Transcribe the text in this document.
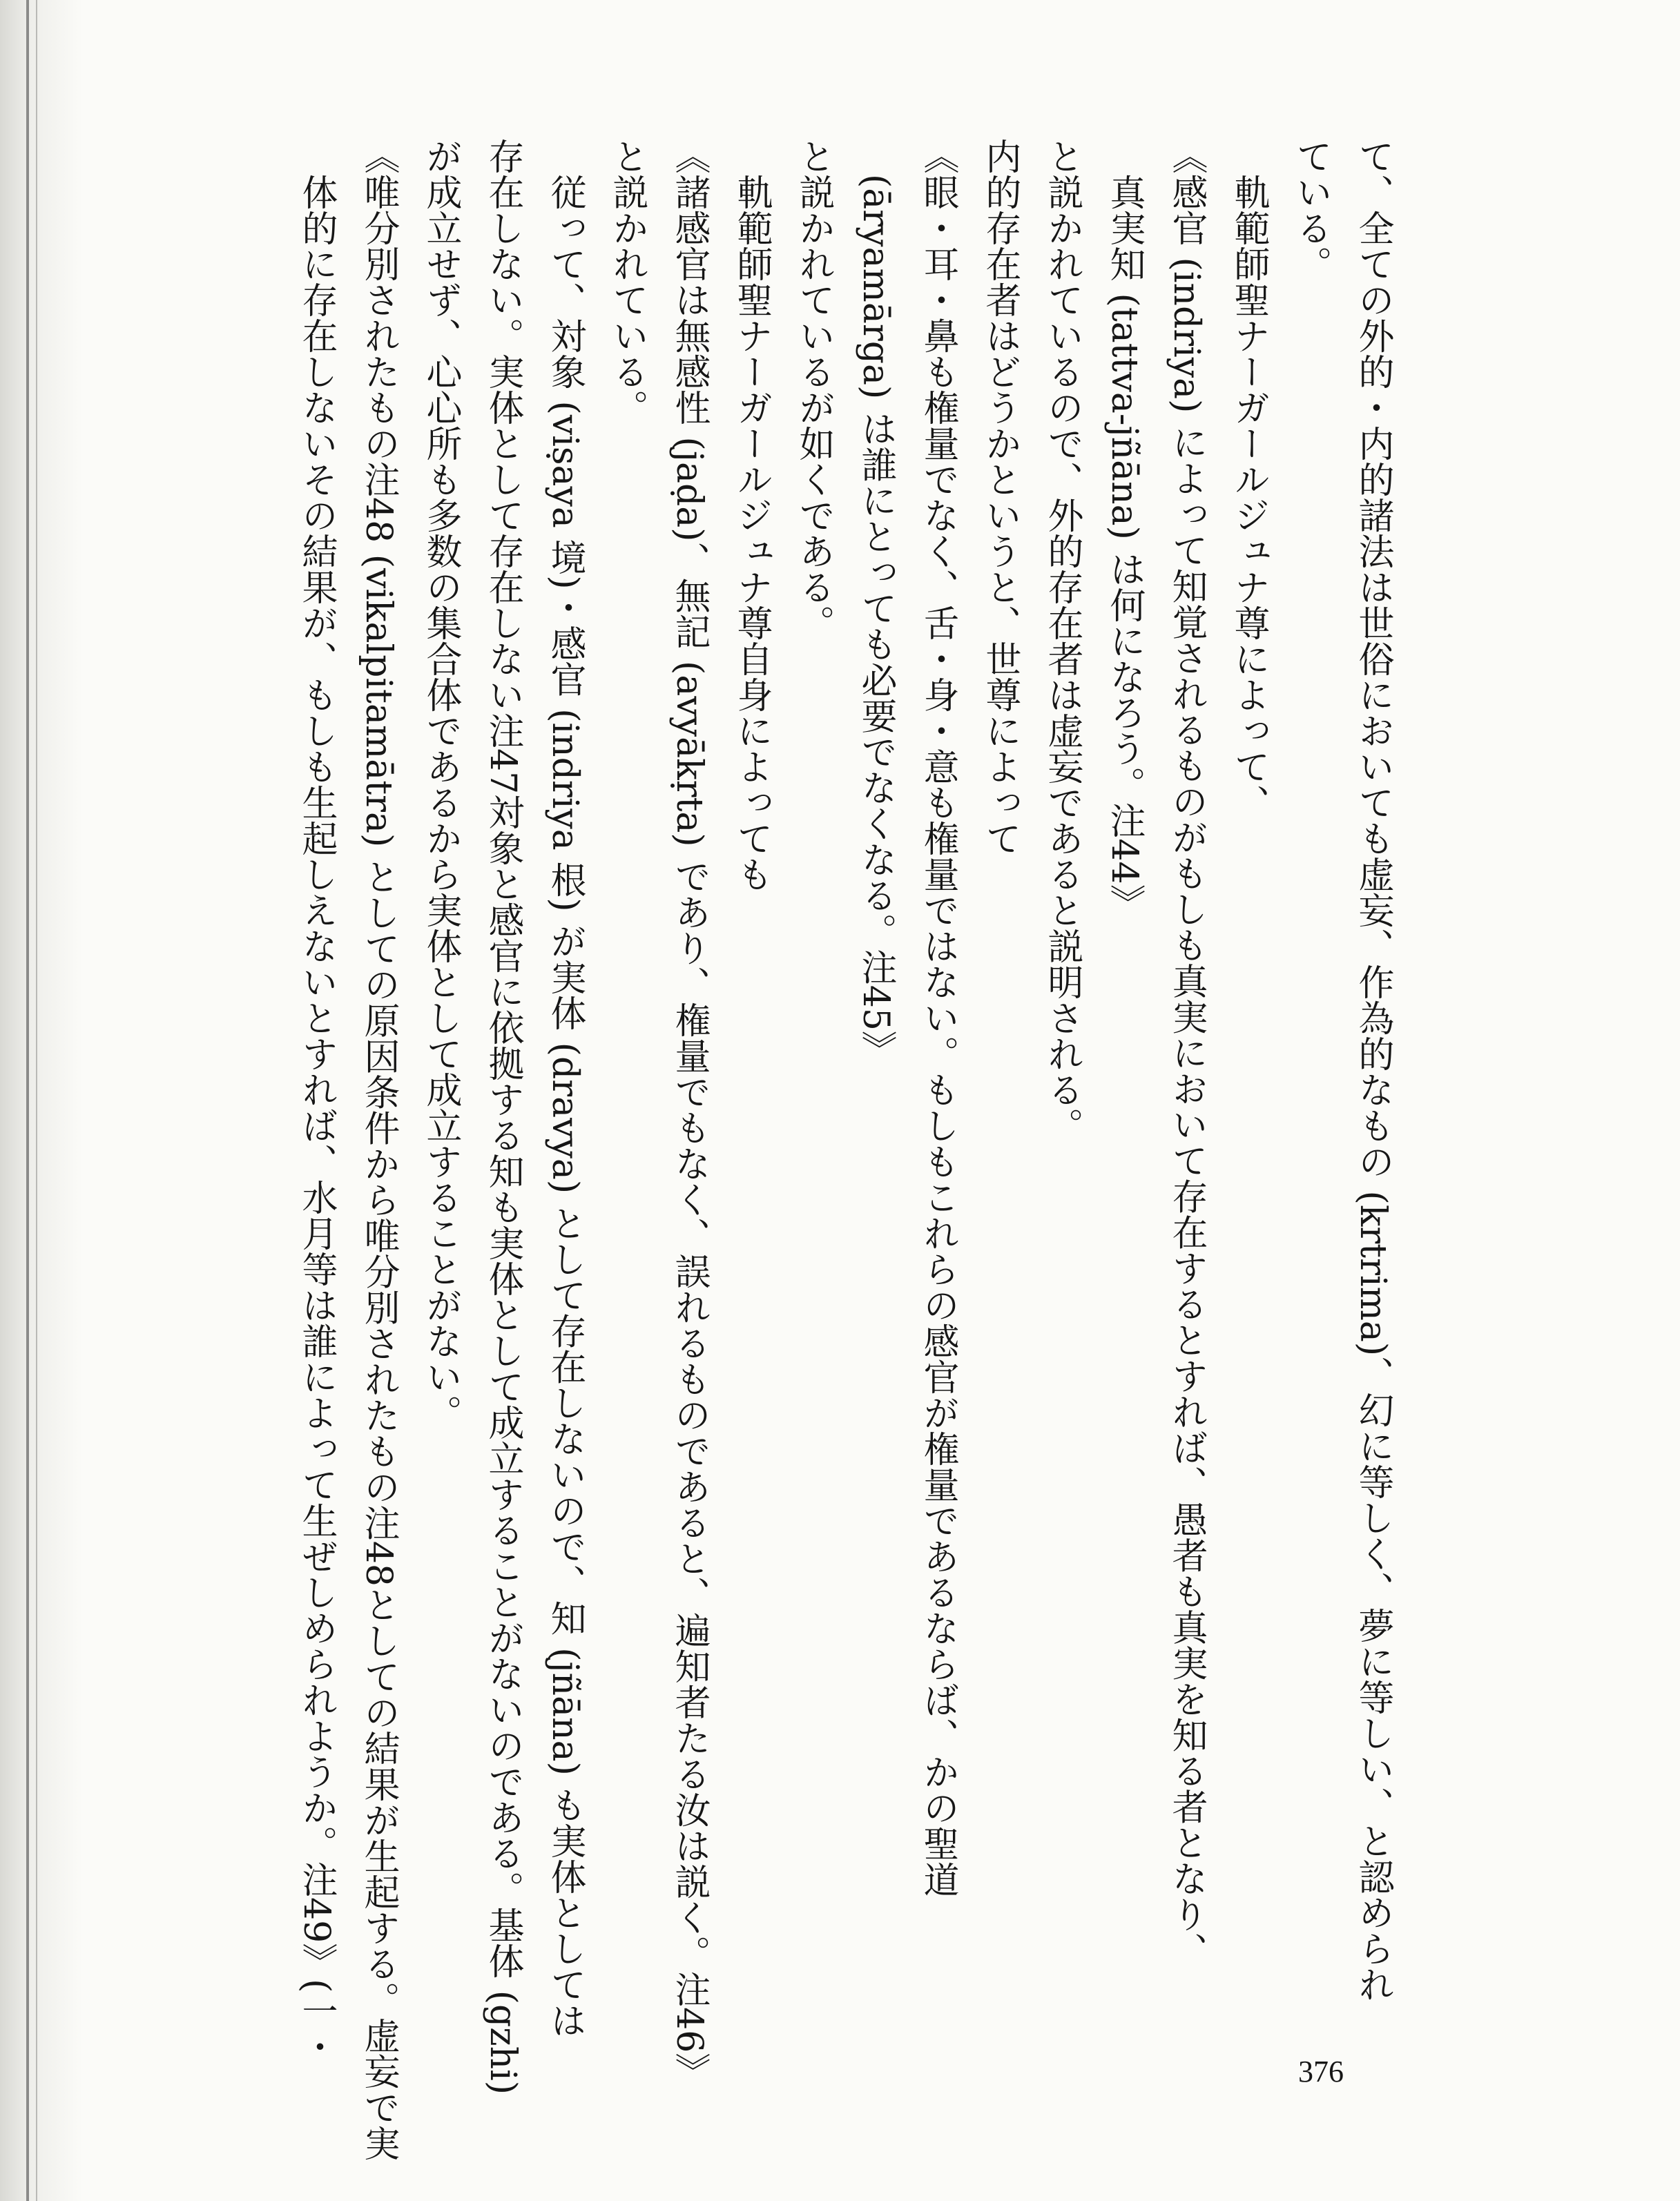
て、全ての外的・内的諸法は世俗においても虚妄、作為的なもの (krtrima)、幻に等しく、夢に等しい、と認められ

ている。

軌範師聖ナーガールジュナ尊によって、

《感官 (indriya) によって知覚されるものがもしも真実において存在するとすれば、愚者も真実を知る者となり、

真実知 (tattva-jñāna) は何になろう。注44》

と説かれているので、外的存在者は虚妄であると説明される。

内的存在者はどうかというと、世尊によって

《眼・耳・鼻も権量でなく、舌・身・意も権量ではない。もしもこれらの感官が権量であるならば、かの聖道

(āryamārga) は誰にとっても必要でなくなる。注45》

と説かれているが如くである。

軌範師聖ナーガールジュナ尊自身によっても

《諸感官は無感性 (jaḍa)、無記 (avyākṛta) であり、権量でもなく、誤れるものであると、遍知者たる汝は説く。注46》

と説かれている。

従って、対象 (viṣaya 境)・感官 (indriya 根) が実体 (dravya) として存在しないので、知 (jñāna) も実体としては

存在しない。実体として存在しない注47対象と感官に依拠する知も実体として成立することがないのである。基体 (gzhi)

が成立せず、心心所も多数の集合体であるから実体として成立することがない。

《唯分別されたもの注48 (vikalpitamātra) としての原因条件から唯分別されたもの注48としての結果が生起する。虚妄で実

体的に存在しないその結果が、もしも生起しえないとすれば、水月等は誰によって生ぜしめられようか。注49》(一・

376
